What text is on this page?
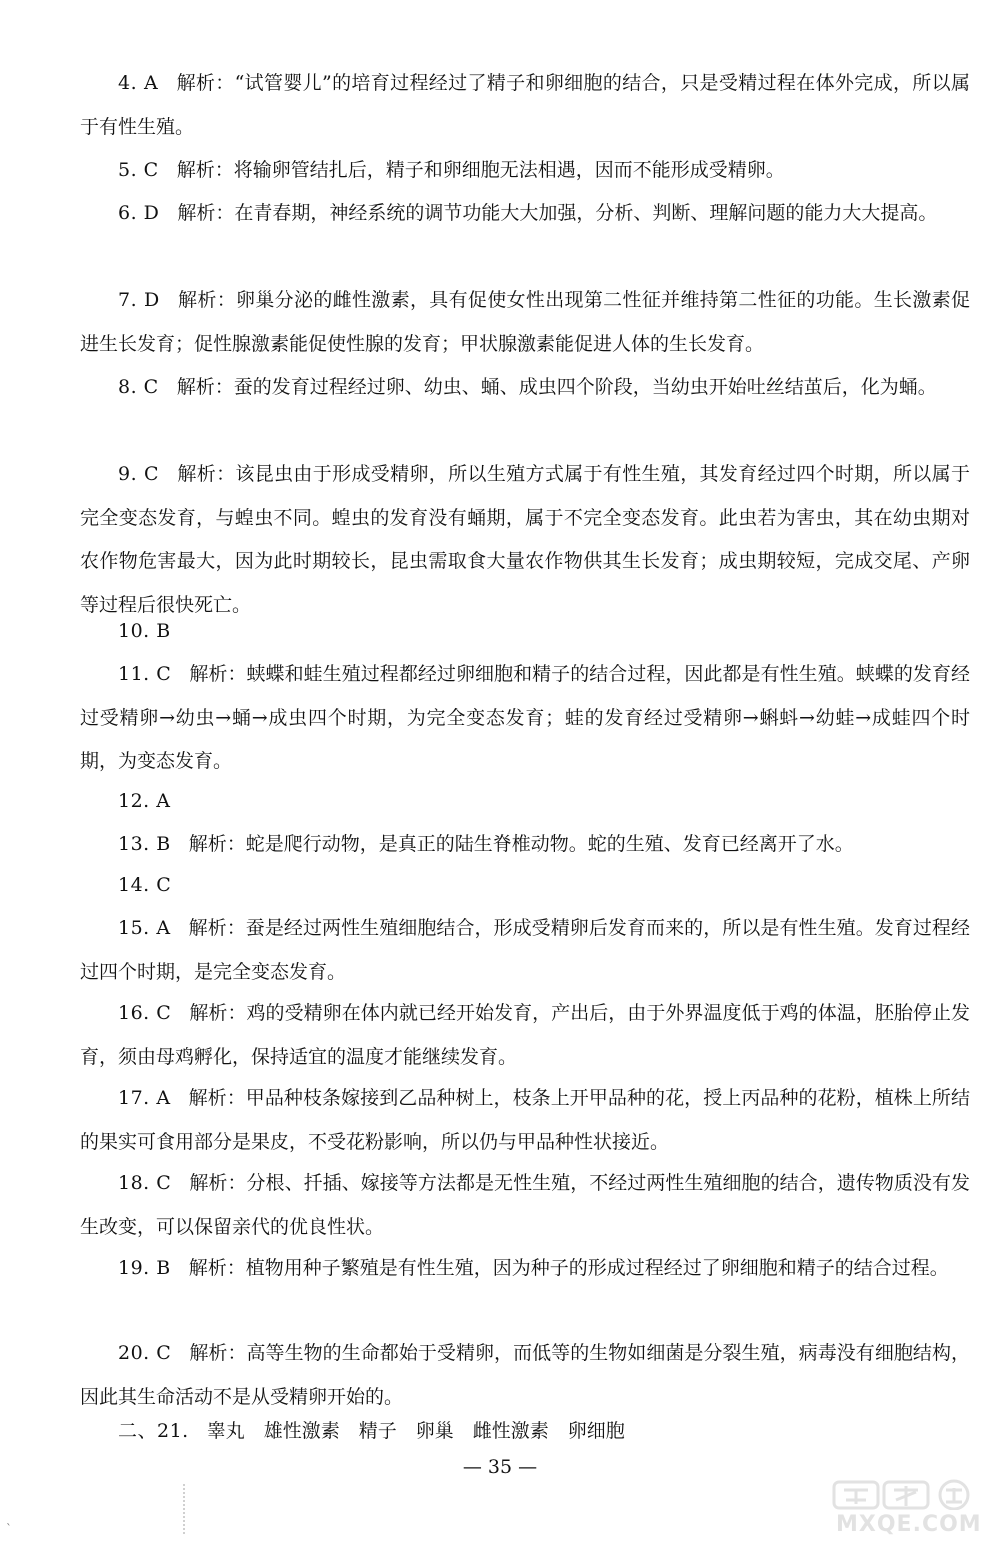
4. A 解析：“试管婴儿”的培育过程经过了精子和卵细胞的结合，只是受精过程在体外完成，所以属于有性生殖。
5. C 解析：将输卵管结扎后，精子和卵细胞无法相遇，因而不能形成受精卵。
6. D 解析：在青春期，神经系统的调节功能大大加强，分析、判断、理解问题的能力大大提高。
7. D 解析：卵巢分泌的雌性激素，具有促使女性出现第二性征并维持第二性征的功能。生长激素促进生长发育；促性腺激素能促使性腺的发育；甲状腺激素能促进人体的生长发育。
8. C 解析：蚕的发育过程经过卵、幼虫、蛹、成虫四个阶段，当幼虫开始吐丝结茧后，化为蛹。
9. C 解析：该昆虫由于形成受精卵，所以生殖方式属于有性生殖，其发育经过四个时期，所以属于完全变态发育，与蝗虫不同。蝗虫的发育没有蛹期，属于不完全变态发育。此虫若为害虫，其在幼虫期对农作物危害最大，因为此时期较长，昆虫需取食大量农作物供其生长发育；成虫期较短，完成交尾、产卵等过程后很快死亡。
10. B
11. C 解析：蛱蝶和蛙生殖过程都经过卵细胞和精子的结合过程，因此都是有性生殖。蛱蝶的发育经过受精卵→幼虫→蛹→成虫四个时期，为完全变态发育；蛙的发育经过受精卵→蝌蚪→幼蛙→成蛙四个时期，为变态发育。
12. A
13. B 解析：蛇是爬行动物，是真正的陆生脊椎动物。蛇的生殖、发育已经离开了水。
14. C
15. A 解析：蚕是经过两性生殖细胞结合，形成受精卵后发育而来的，所以是有性生殖。发育过程经过四个时期，是完全变态发育。
16. C 解析：鸡的受精卵在体内就已经开始发育，产出后，由于外界温度低于鸡的体温，胚胎停止发育，须由母鸡孵化，保持适宜的温度才能继续发育。
17. A 解析：甲品种枝条嫁接到乙品种树上，枝条上开甲品种的花，授上丙品种的花粉，植株上所结的果实可食用部分是果皮，不受花粉影响，所以仍与甲品种性状接近。
18. C 解析：分根、扦插、嫁接等方法都是无性生殖，不经过两性生殖细胞的结合，遗传物质没有发生改变，可以保留亲代的优良性状。
19. B 解析：植物用种子繁殖是有性生殖，因为种子的形成过程经过了卵细胞和精子的结合过程。
20. C 解析：高等生物的生命都始于受精卵，而低等的生物如细菌是分裂生殖，病毒没有细胞结构，因此其生命活动不是从受精卵开始的。
二、21. 睾丸　雄性激素　精子　卵巢　雌性激素　卵细胞
— 35 —
`	MXQE.COM
